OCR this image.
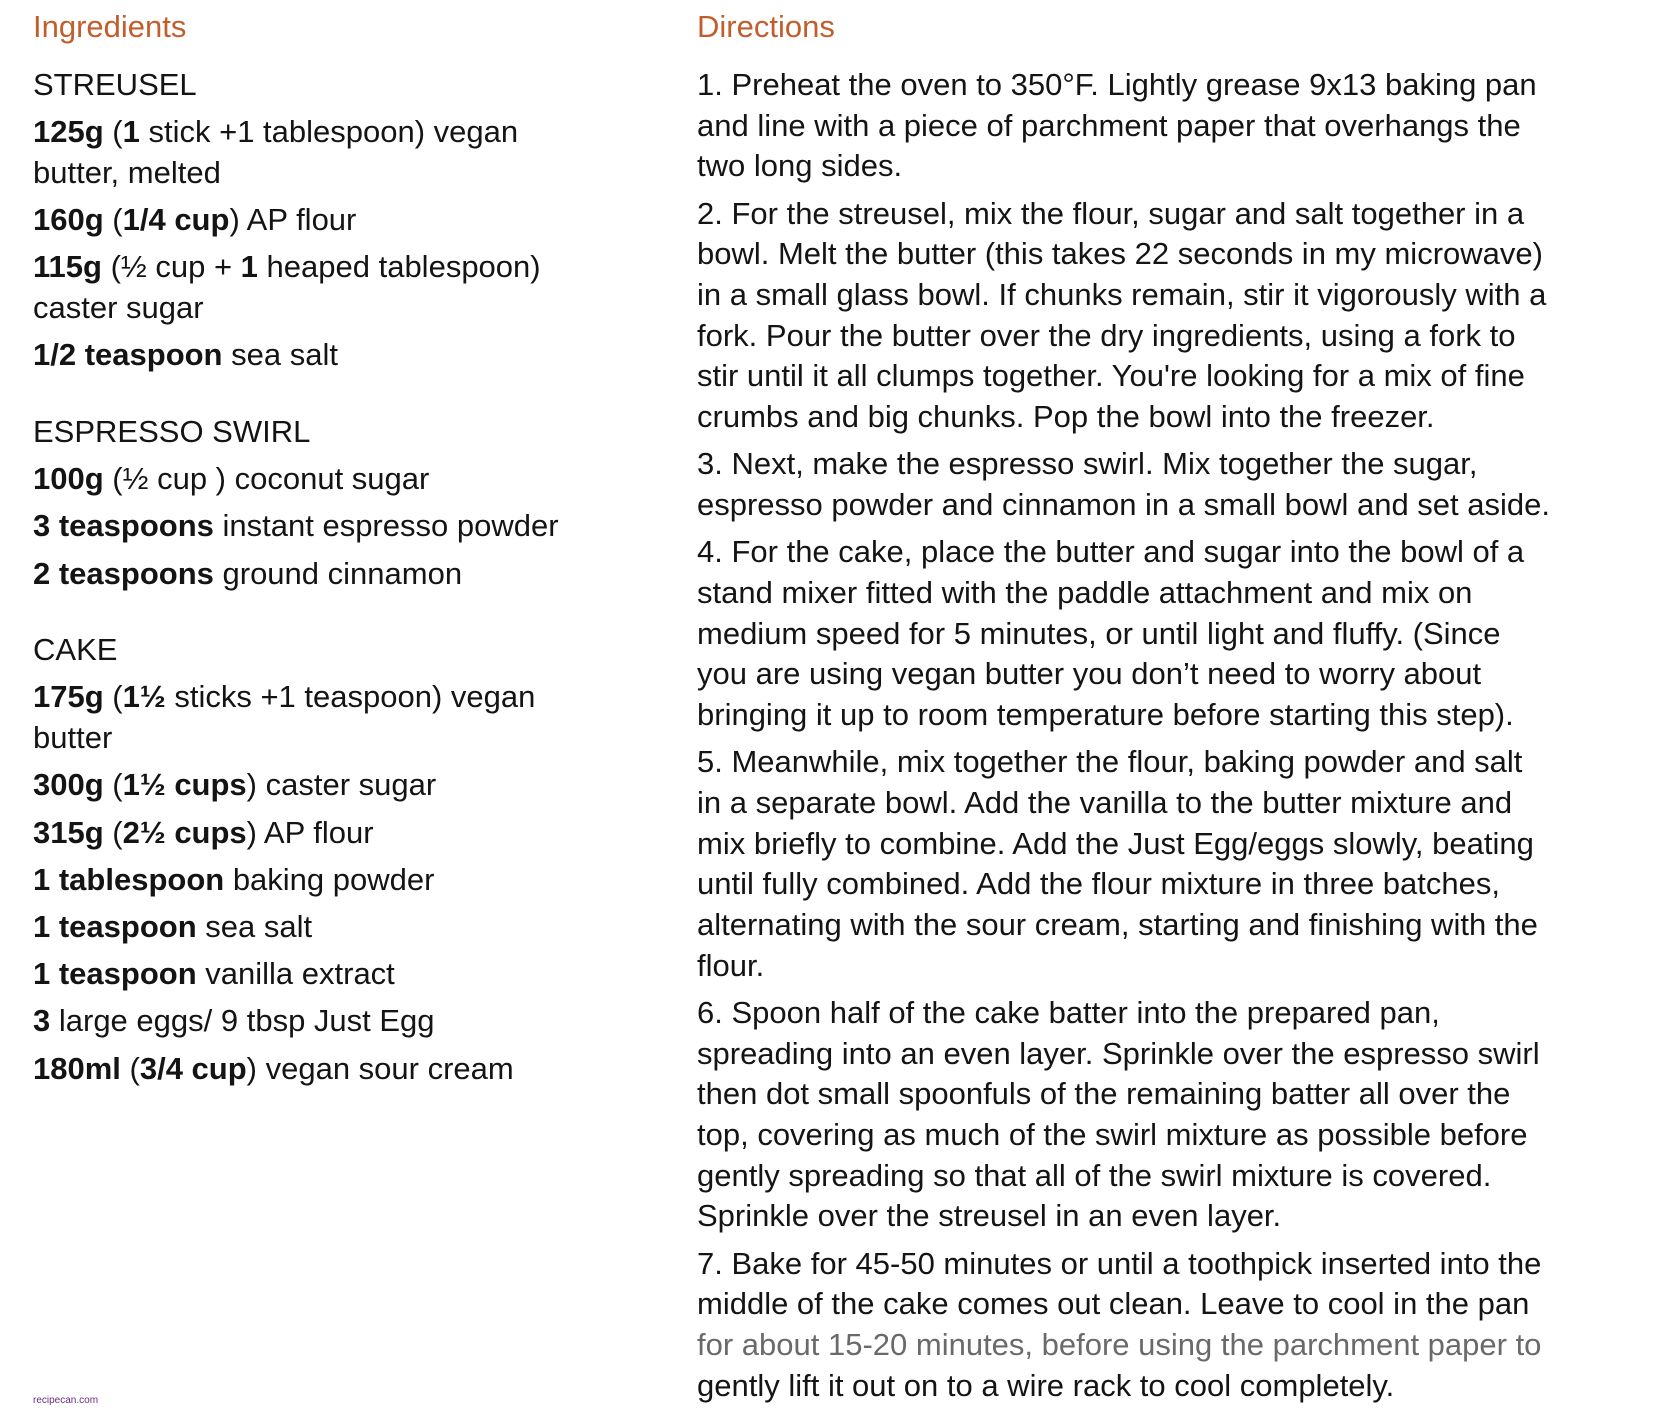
Ingredients
STREUSEL
125g (1 stick +1 tablespoon) vegan
butter, melted
160g (1/4 cup) AP flour
115g (½ cup + 1 heaped tablespoon)
caster sugar
1/2 teaspoon sea salt
ESPRESSO SWIRL
100g (½ cup ) coconut sugar
3 teaspoons instant espresso powder
2 teaspoons ground cinnamon
CAKE
175g (1½ sticks +1 teaspoon) vegan
butter
300g (1½ cups) caster sugar
315g (2½ cups) AP flour
1 tablespoon baking powder
1 teaspoon sea salt
1 teaspoon vanilla extract
3 large eggs/ 9 tbsp Just Egg
180ml (3/4 cup) vegan sour cream
Directions
1. Preheat the oven to 350°F. Lightly grease 9x13 baking pan
and line with a piece of parchment paper that overhangs the
two long sides.
2. For the streusel, mix the flour, sugar and salt together in a
bowl. Melt the butter (this takes 22 seconds in my microwave)
in a small glass bowl. If chunks remain, stir it vigorously with a
fork. Pour the butter over the dry ingredients, using a fork to
stir until it all clumps together. You're looking for a mix of fine
crumbs and big chunks. Pop the bowl into the freezer.
3. Next, make the espresso swirl. Mix together the sugar,
espresso powder and cinnamon in a small bowl and set aside.
4. For the cake, place the butter and sugar into the bowl of a
stand mixer fitted with the paddle attachment and mix on
medium speed for 5 minutes, or until light and fluffy. (Since
you are using vegan butter you don’t need to worry about
bringing it up to room temperature before starting this step).
5. Meanwhile, mix together the flour, baking powder and salt
in a separate bowl. Add the vanilla to the butter mixture and
mix briefly to combine. Add the Just Egg/eggs slowly, beating
until fully combined. Add the flour mixture in three batches,
alternating with the sour cream, starting and finishing with the
flour.
6. Spoon half of the cake batter into the prepared pan,
spreading into an even layer. Sprinkle over the espresso swirl
then dot small spoonfuls of the remaining batter all over the
top, covering as much of the swirl mixture as possible before
gently spreading so that all of the swirl mixture is covered.
Sprinkle over the streusel in an even layer.
7. Bake for 45-50 minutes or until a toothpick inserted into the
middle of the cake comes out clean. Leave to cool in the pan
for about 15-20 minutes, before using the parchment paper to
gently lift it out on to a wire rack to cool completely.
recipecan.com
